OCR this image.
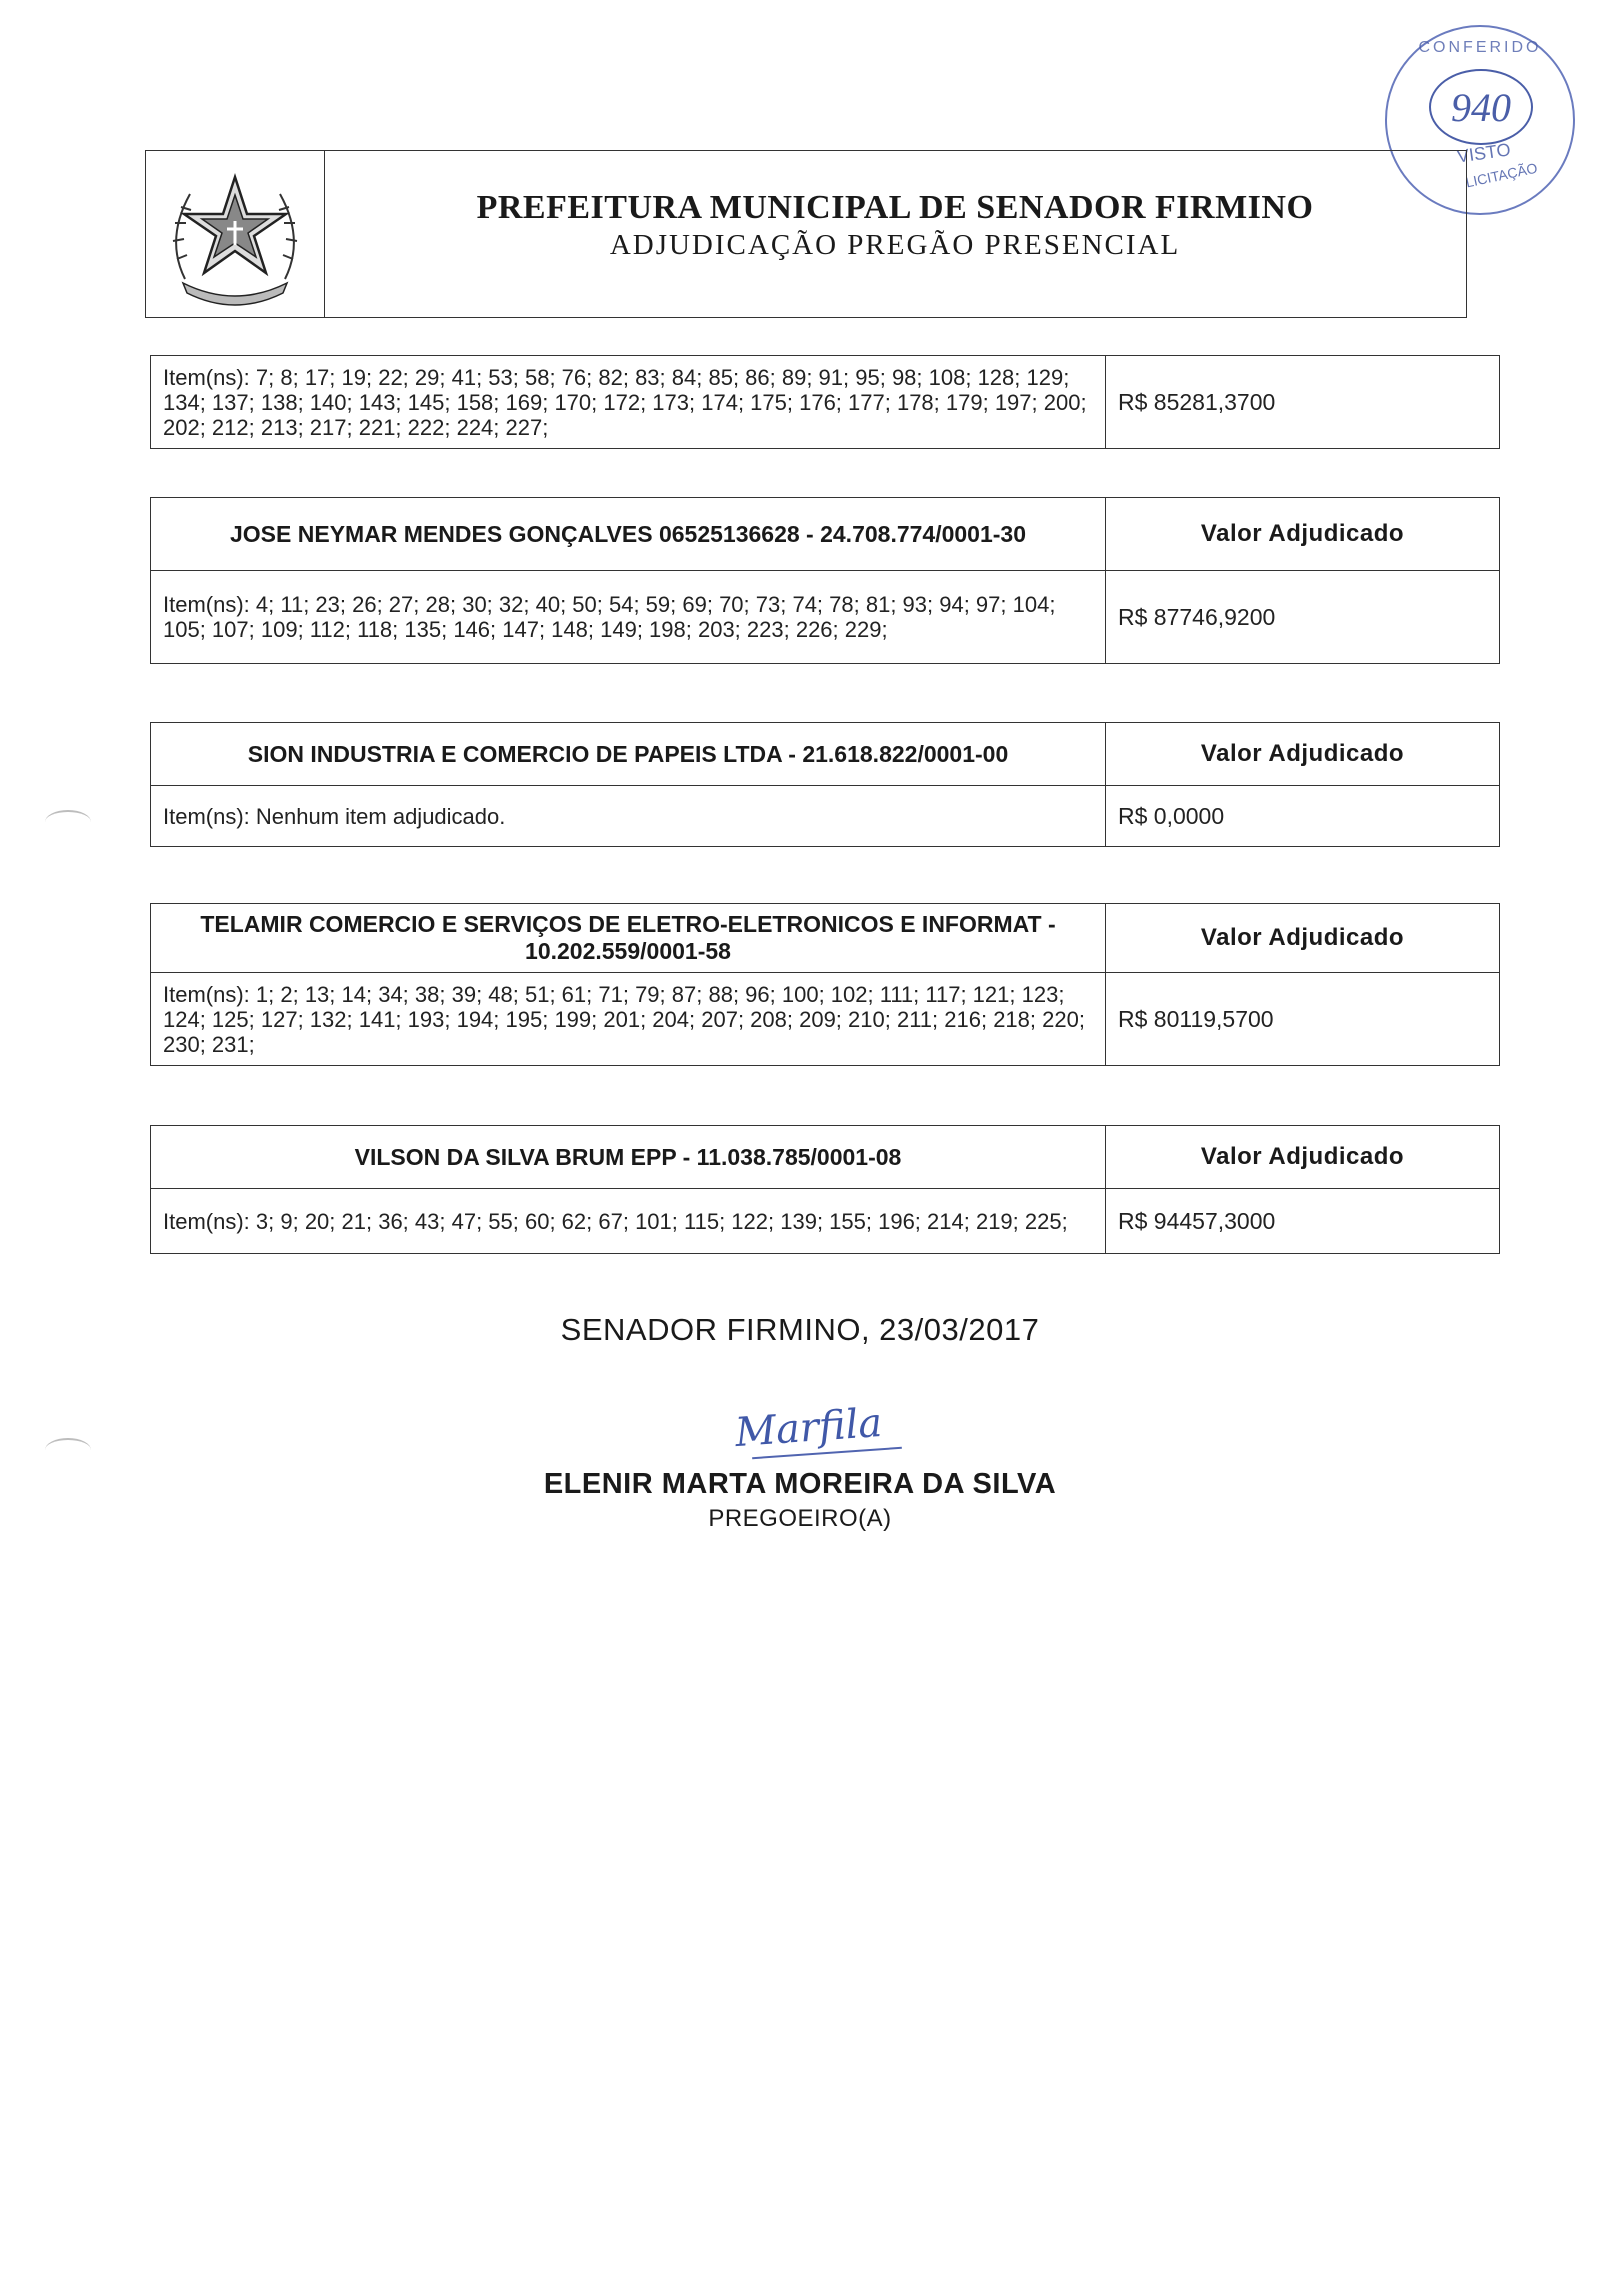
CONFERIDO
940
VISTO
LICITAÇÃO
PREFEITURA MUNICIPAL DE SENADOR FIRMINO
ADJUDICAÇÃO PREGÃO PRESENCIAL
Item(ns): 7; 8; 17; 19; 22; 29; 41; 53; 58; 76; 82; 83; 84; 85; 86; 89; 91; 95; 98; 108; 128; 129; 134; 137; 138; 140; 143; 145; 158; 169; 170; 172; 173; 174; 175; 176; 177; 178; 179; 197; 200; 202; 212; 213; 217; 221; 222; 224; 227;	R$ 85281,3700
JOSE NEYMAR MENDES GONÇALVES 06525136628 - 24.708.774/0001-30	Valor Adjudicado
Item(ns): 4; 11; 23; 26; 27; 28; 30; 32; 40; 50; 54; 59; 69; 70; 73; 74; 78; 81; 93; 94; 97; 104; 105; 107; 109; 112; 118; 135; 146; 147; 148; 149; 198; 203; 223; 226; 229;	R$ 87746,9200
SION INDUSTRIA E COMERCIO DE PAPEIS LTDA - 21.618.822/0001-00	Valor Adjudicado
Item(ns): Nenhum item adjudicado.	R$ 0,0000
TELAMIR COMERCIO E SERVIÇOS DE ELETRO-ELETRONICOS E INFORMAT - 10.202.559/0001-58	Valor Adjudicado
Item(ns): 1; 2; 13; 14; 34; 38; 39; 48; 51; 61; 71; 79; 87; 88; 96; 100; 102; 111; 117; 121; 123; 124; 125; 127; 132; 141; 193; 194; 195; 199; 201; 204; 207; 208; 209; 210; 211; 216; 218; 220; 230; 231;	R$ 80119,5700
VILSON DA SILVA BRUM EPP - 11.038.785/0001-08	Valor Adjudicado
Item(ns): 3; 9; 20; 21; 36; 43; 47; 55; 60; 62; 67; 101; 115; 122; 139; 155; 196; 214; 219; 225;	R$ 94457,3000
SENADOR FIRMINO, 23/03/2017
Marfila
ELENIR MARTA MOREIRA DA SILVA
PREGOEIRO(A)
